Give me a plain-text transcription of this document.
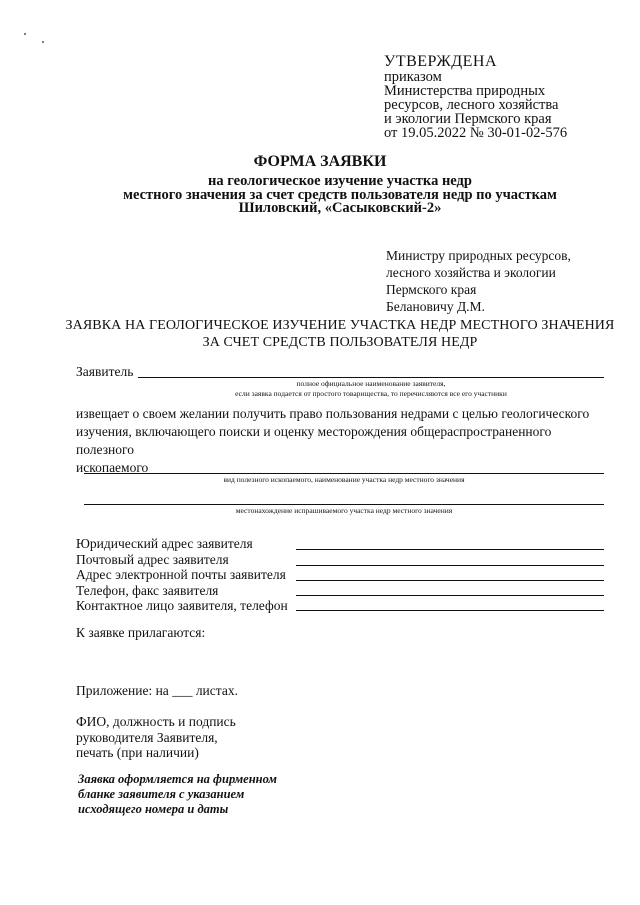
УТВЕРЖДЕНА
приказом
Министерства природных
ресурсов, лесного хозяйства
и экологии Пермского края
от 19.05.2022 № 30-01-02-576
ФОРМА ЗАЯВКИ
на геологическое изучение участка недр
местного значения за счет средств пользователя недр по участкам
Шиловский, «Сасыковский-2»
Министру природных ресурсов,
лесного хозяйства и экологии
Пермского края
Белановичу Д.М.
ЗАЯВКА НА ГЕОЛОГИЧЕСКОЕ ИЗУЧЕНИЕ УЧАСТКА НЕДР МЕСТНОГО ЗНАЧЕНИЯ
ЗА СЧЕТ СРЕДСТВ ПОЛЬЗОВАТЕЛЯ НЕДР
Заявитель
полное официальное наименование заявителя,
если заявка подается от простого товарищества, то перечисляются все его участники
извещает о своем желании получить право пользования недрами с целью геологического
изучения, включающего поиски и оценку месторождения общераспространенного полезного
ископаемого
вид полезного ископаемого, наименование участка недр местного значения
местонахождение испрашиваемого участка недр местного значения
Юридический адрес заявителя
Почтовый адрес заявителя
Адрес электронной почты заявителя
Телефон, факс заявителя
Контактное лицо заявителя, телефон
К заявке прилагаются:
Приложение: на ___ листах.
ФИО, должность и подпись
руководителя Заявителя,
печать (при наличии)
Заявка оформляется на фирменном
бланке заявителя с указанием
исходящего номера и даты
